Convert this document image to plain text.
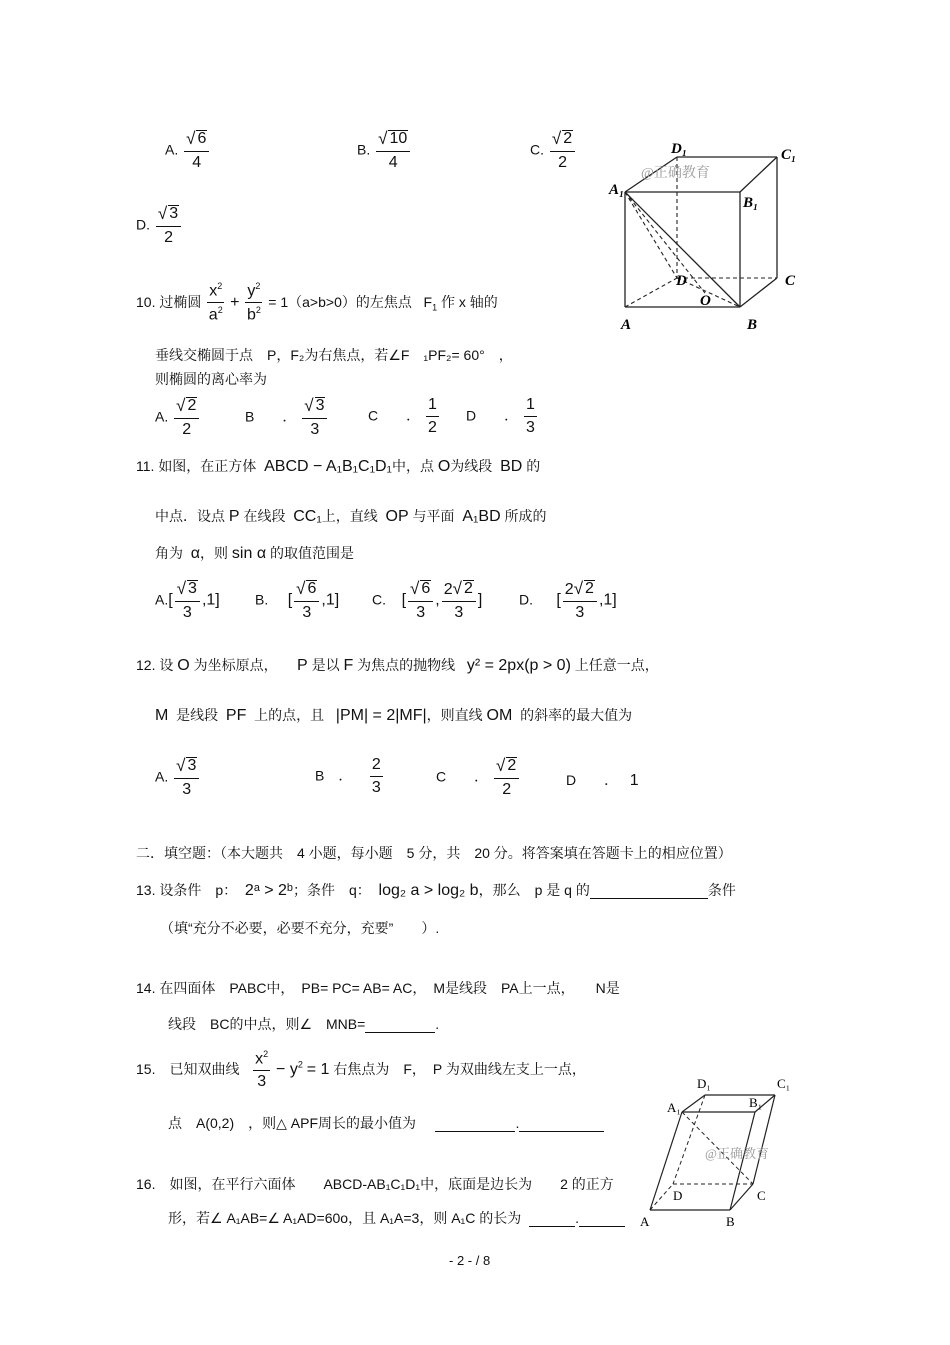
A. $\frac{√ 6}{4}$	B. $\frac{√ 10}{4}$	C. $\frac{√ 2}{2}$
D. $\frac{√ 3}{2}$
D₁	C₁
A₁
B₁
D	C
O
A	B
@正确教育
10. 过椭圆 $\frac{x^2}{a^2} + \frac{y^2}{b^2} = 1(a>b>0)$的左焦点 $F_1$ 作 x 轴的
垂线交椭圆于点　P，F₂为右焦点，若∠F　₁PF₂= 60°　，
则椭圆的离心率为
A. $\frac{√ 2}{2}$	B　　． $\frac{√ 3}{3}$	C　　． $\frac{1}{2}$ D　　． $\frac{1}{3}$
11. 如图，在正方体 ABCD − A₁B₁C₁D₁中，点 O为线段 BD 的
中点．设点 P 在线段 CC₁上，直线 OP 与平面 A₁BD 所成的
角为 α，则 sin α 的取值范围是
$A.[ \frac{√ 3}{3} ,1]$	B. [ $\frac{√ 6}{3} ,1$] C. [ $\frac{√ 6}{3}$ , $\frac{2 √ 2}{3}$ ]	D. [ $\frac{2 √ 2}{3} ,1$]
12. 设 O 为坐标原点， P 是以 F 为焦点的抛物线 y² = 2px(p > 0) 上任意一点，
M 是线段 PF 上的点，且 |PM| = 2|MF|，则直线 OM 的斜率的最大值为
A. $\frac{√ 3}{3}$	B　． $\frac{2}{3}$	C　　． $\frac{√ 2}{2}$	D　　． 1
二．填空题：（本大题共　4 小题，每小题　5 分，共　20 分。将答案填在答题卡上的相应位置）
13. 设条件　p： 2ᵃ > 2ᵇ；条件　q： log₂ a > log₂ b，那么　p 是 q 的	条件
（填“充分不必要，必要不充分，充要”　　）.
14. 在四面体　PABC中，　PB= PC= AB= AC，　M是线段　PA上一点，　　N是
线段　BC的中点，则∠　MNB=	.
15.　已知双曲线 $\frac{x^2}{3} - y^2 = 1$ 右焦点为　F，　P 为双曲线左支上一点，
点　A(0,2)　，则△ APF周长的最小值为	.
16.　如图，在平行六面体　　ABCD-AB₁C₁D₁中，底面是边长为　　2 的正方
形，若∠ A₁AB=∠ A₁AD=60o，且 A₁A=3，则 A₁C 的长为	.
D₁	C₁
A₁	B₁
D	C
A	B
@正确教育
- 2 - / 8
